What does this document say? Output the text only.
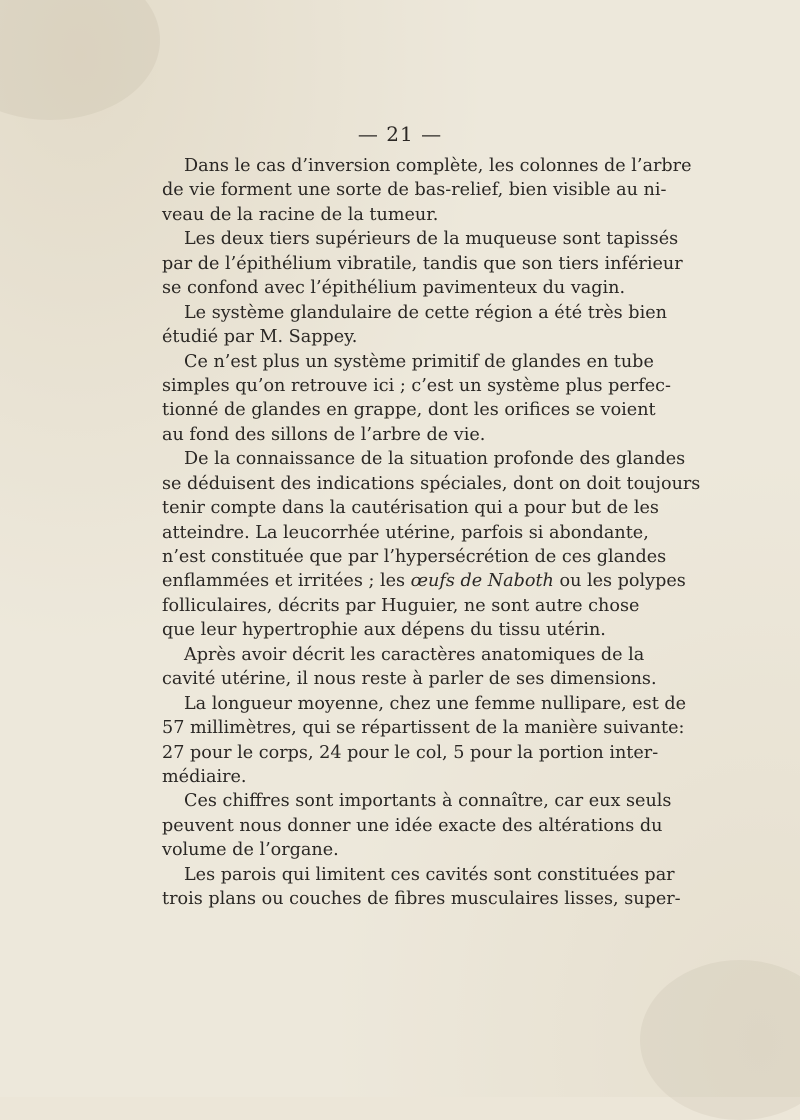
— 21 —
Dans le cas d’inversion complète, les colonnes de l’arbre
de vie forment une sorte de bas-relief, bien visible au ni-
veau de la racine de la tumeur.
Les deux tiers supérieurs de la muqueuse sont tapissés
par de l’épithélium vibratile, tandis que son tiers inférieur
se confond avec l’épithélium pavimenteux du vagin.
Le système glandulaire de cette région a été très bien
étudié par M. Sappey.
Ce n’est plus un système primitif de glandes en tube
simples qu’on retrouve ici ; c’est un système plus perfec-
tionné de glandes en grappe, dont les orifices se voient
au fond des sillons de l’arbre de vie.
De la connaissance de la situation profonde des glandes
se déduisent des indications spéciales, dont on doit toujours
tenir compte dans la cautérisation qui a pour but de les
atteindre. La leucorrhée utérine, parfois si abondante,
n’est constituée que par l’hypersécrétion de ces glandes
enflammées et irritées ; les œufs de Naboth ou les polypes
folliculaires, décrits par Huguier, ne sont autre chose
que leur hypertrophie aux dépens du tissu utérin.
Après avoir décrit les caractères anatomiques de la
cavité utérine, il nous reste à parler de ses dimensions.
La longueur moyenne, chez une femme nullipare, est de
57 millimètres, qui se répartissent de la manière suivante:
27 pour le corps, 24 pour le col, 5 pour la portion inter-
médiaire.
Ces chiffres sont importants à connaître, car eux seuls
peuvent nous donner une idée exacte des altérations du
volume de l’organe.
Les parois qui limitent ces cavités sont constituées par
trois plans ou couches de fibres musculaires lisses, super-
